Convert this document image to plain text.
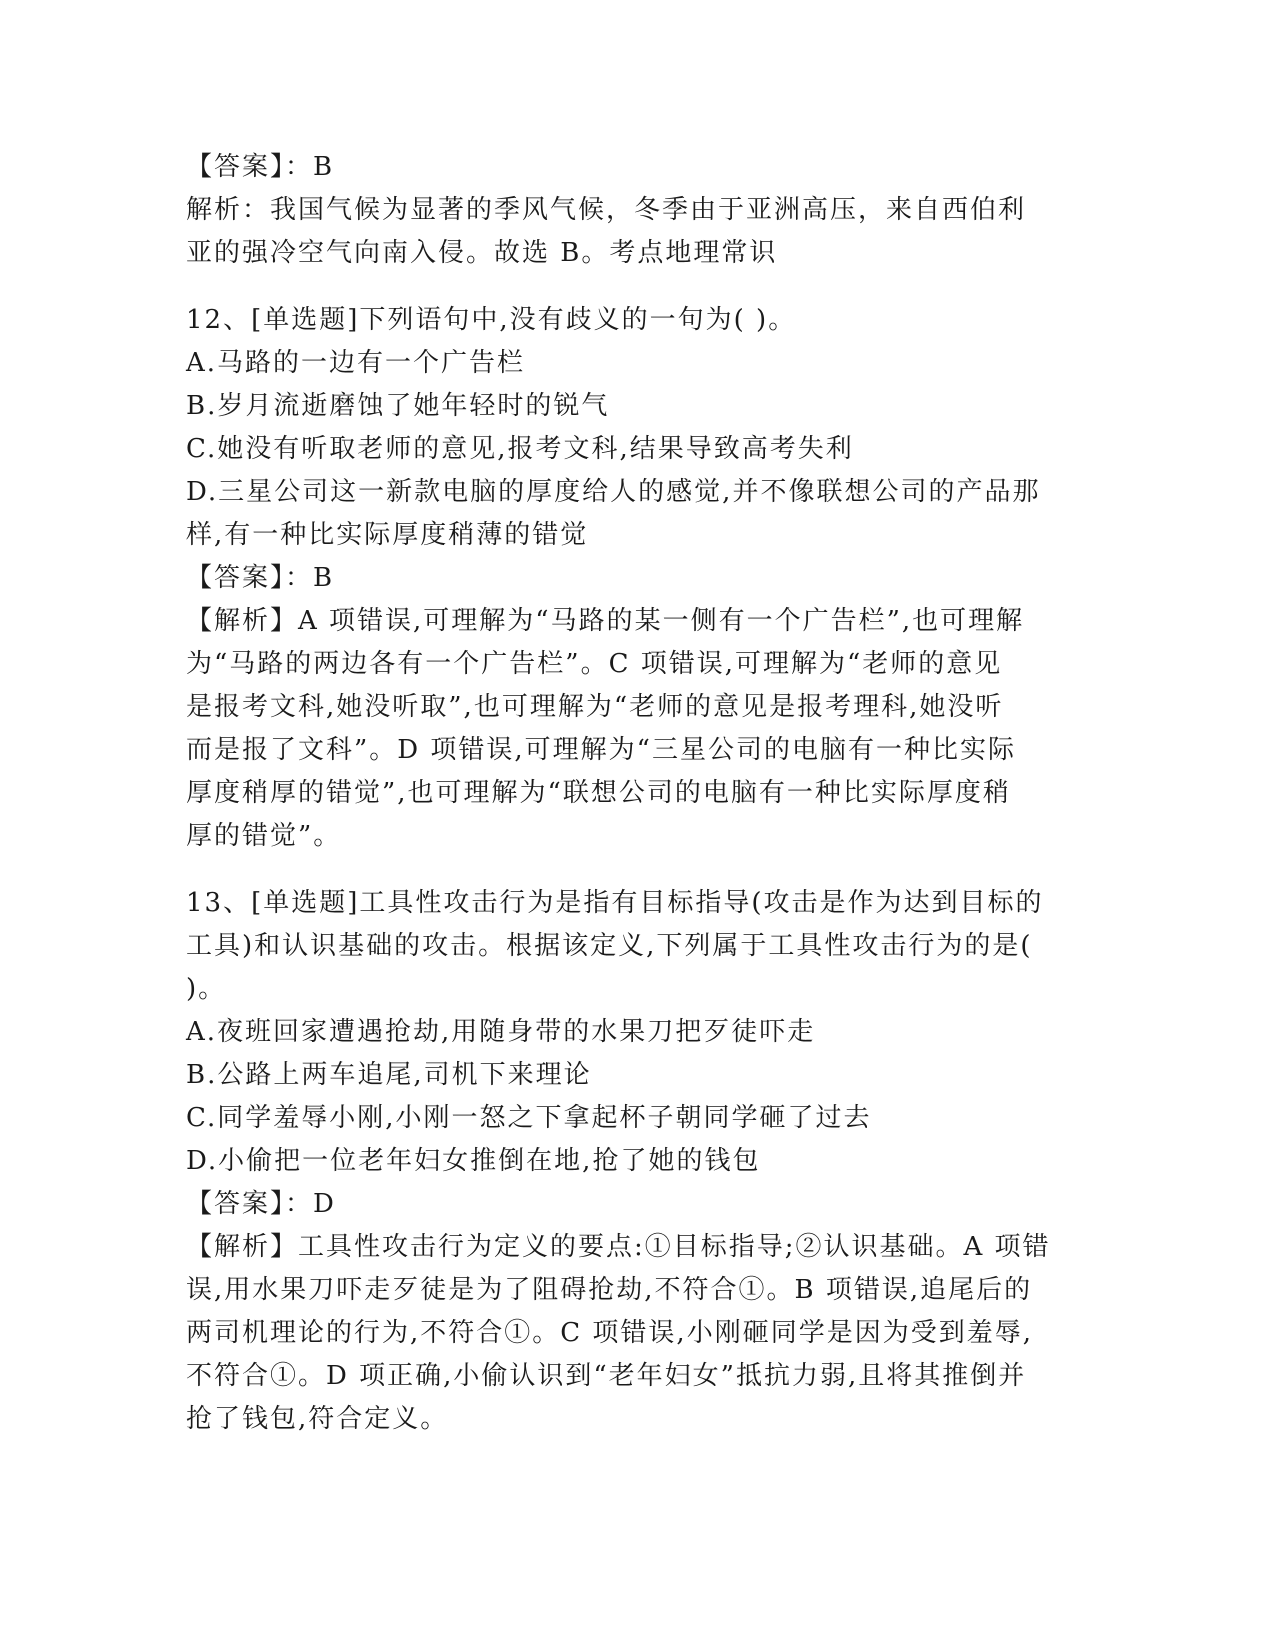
【答案】：B
解析：我国气候为显著的季风气候，冬季由于亚洲高压，来自西伯利
亚的强冷空气向南入侵。故选 B。考点地理常识
12、[单选题]下列语句中,没有歧义的一句为( )。
A.马路的一边有一个广告栏
B.岁月流逝磨蚀了她年轻时的锐气
C.她没有听取老师的意见,报考文科,结果导致高考失利
D.三星公司这一新款电脑的厚度给人的感觉,并不像联想公司的产品那
样,有一种比实际厚度稍薄的错觉
【答案】：B
【解析】A 项错误,可理解为“马路的某一侧有一个广告栏”,也可理解
为“马路的两边各有一个广告栏”。C 项错误,可理解为“老师的意见
是报考文科,她没听取”,也可理解为“老师的意见是报考理科,她没听
而是报了文科”。D 项错误,可理解为“三星公司的电脑有一种比实际
厚度稍厚的错觉”,也可理解为“联想公司的电脑有一种比实际厚度稍
厚的错觉”。
13、[单选题]工具性攻击行为是指有目标指导(攻击是作为达到目标的
工具)和认识基础的攻击。根据该定义,下列属于工具性攻击行为的是(
)。
A.夜班回家遭遇抢劫,用随身带的水果刀把歹徒吓走
B.公路上两车追尾,司机下来理论
C.同学羞辱小刚,小刚一怒之下拿起杯子朝同学砸了过去
D.小偷把一位老年妇女推倒在地,抢了她的钱包
【答案】：D
【解析】工具性攻击行为定义的要点:①目标指导;②认识基础。A 项错
误,用水果刀吓走歹徒是为了阻碍抢劫,不符合①。B 项错误,追尾后的
两司机理论的行为,不符合①。C 项错误,小刚砸同学是因为受到羞辱,
不符合①。D 项正确,小偷认识到“老年妇女”抵抗力弱,且将其推倒并
抢了钱包,符合定义。
